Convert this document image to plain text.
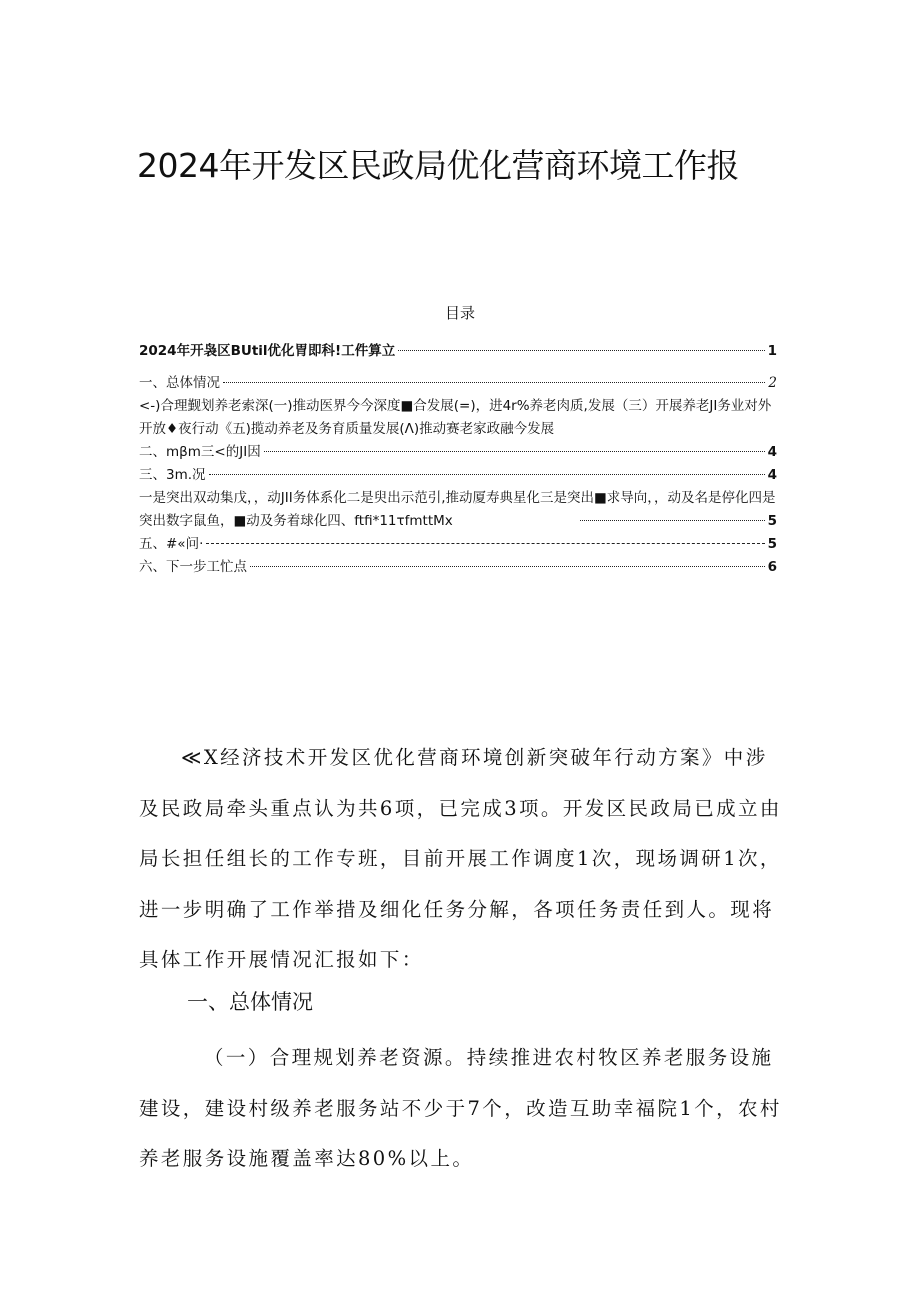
2024年开发区民政局优化营商环境工作报
目录
2024年开袅区BUtil优化胃即科!工件算立	1
一、总体情况	2
<-)合理觐划养老索深(一)推动医界今今深度■合发展(=)，进4r%养老肉质,发展（三）开展养老JI务业对外开放♦夜行动《五)揽动养老及务育质量发展(Λ)推动赛老家政融今发展
二、mβm三<的JI因	4
三、3m.况	4
一是突出双动集戊，，动JII务体系化二是臾出示范引,推动厦寿典星化三是突出■求导向，，动及名是停化四是突出数字鼠鱼，■动及务着球化四、ftfi*11τfmttMx	5
五、#«问·	5
六、下一步工忙点	6

≪X经济技术开发区优化营商环境创新突破年行动方案》中涉及民政局牵头重点认为共6项，已完成3项。开发区民政局已成立由局长担任组长的工作专班，目前开展工作调度1次，现场调研1次，进一步明确了工作举措及细化任务分解，各项任务责任到人。现将具体工作开展情况汇报如下：

一、总体情况

（一）合理规划养老资源。持续推进农村牧区养老服务设施建设，建设村级养老服务站不少于7个，改造互助幸福院1个，农村养老服务设施覆盖率达80%以上。
